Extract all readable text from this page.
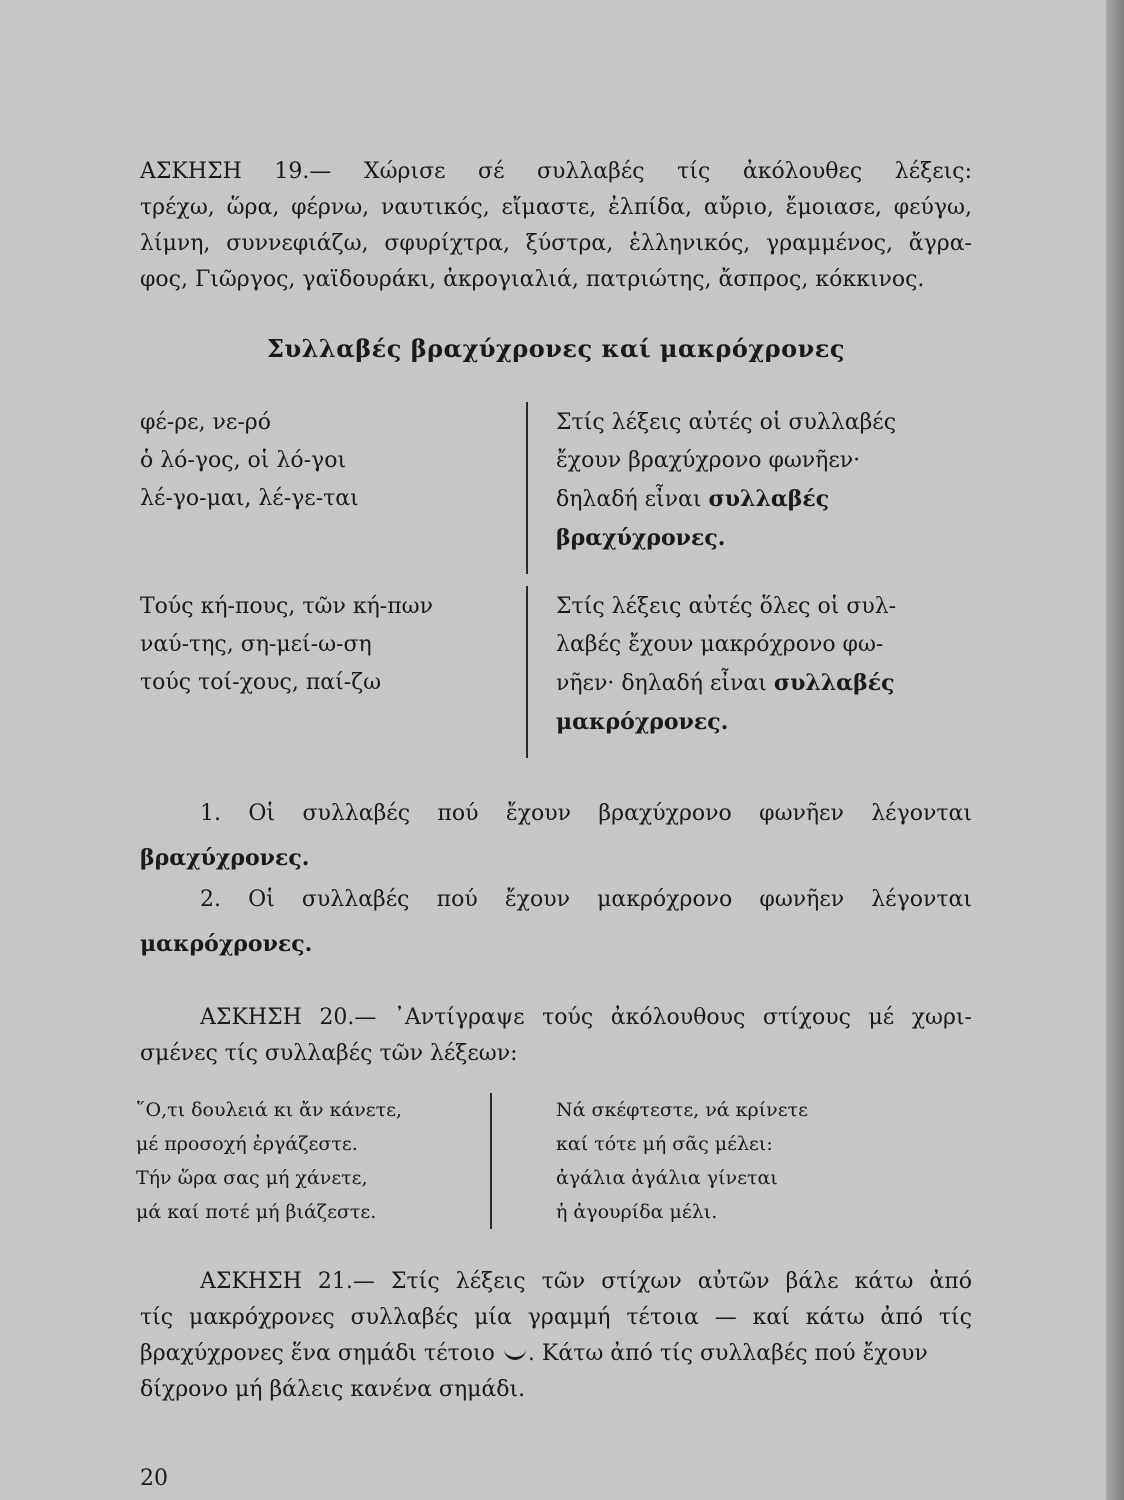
ΑΣΚΗΣΗ 19.— Χώρισε σέ συλλαβές τίς ἀκόλουθες λέξεις:
τρέχω, ὥρα, φέρνω, ναυτικός, εἴμαστε, ἐλπίδα, αὔριο, ἔμοιασε, φεύγω,
λίμνη, συννεφιάζω, σφυρίχτρα, ξύστρα, ἑλληνικός, γραμμένος, ἄγρα-
φος, Γιῶργος, γαϊδουράκι, ἀκρογιαλιά, πατριώτης, ἄσπρος, κόκκινος.
Συλλαβές βραχύχρονες καί μακρόχρονες
φέ-ρε, νε-ρό
ὁ λό-γος, οἱ λό-γοι
λέ-γο-μαι, λέ-γε-ται
Στίς λέξεις αὐτές οἱ συλλαβές
ἔχουν βραχύχρονο φωνῆεν·
δηλαδή εἶναι συλλαβές
βραχύχρονες.
Τούς κή-πους, τῶν κή-πων
ναύ-της, ση-μεί-ω-ση
τούς τοί-χους, παί-ζω
Στίς λέξεις αὐτές ὅλες οἱ συλ-
λαβές ἔχουν μακρόχρονο φω-
νῆεν· δηλαδή εἶναι συλλαβές
μακρόχρονες.
1. Οἱ συλλαβές πού ἔχουν βραχύχρονο φωνῆεν λέγονται
βραχύχρονες.
2. Οἱ συλλαβές πού ἔχουν μακρόχρονο φωνῆεν λέγονται
μακρόχρονες.
ΑΣΚΗΣΗ 20.— ᾿Αντίγραψε τούς ἀκόλουθους στίχους μέ χωρι-
σμένες τίς συλλαβές τῶν λέξεων:
῞Ο,τι δουλειά κι ἄν κάνετε,
μέ προσοχή ἐργάζεστε.
Τήν ὥρα σας μή χάνετε,
μά καί ποτέ μή βιάζεστε.
Νά σκέφτεστε, νά κρίνετε
καί τότε μή σᾶς μέλει:
ἀγάλια ἀγάλια γίνεται
ἡ ἀγουρίδα μέλι.
ΑΣΚΗΣΗ 21.— Στίς λέξεις τῶν στίχων αὐτῶν βάλε κάτω ἀπό
τίς μακρόχρονες συλλαβές μία γραμμή τέτοια — καί κάτω ἀπό τίς
βραχύχρονες ἕνα σημάδι τέτοιο . Κάτω ἀπό τίς συλλαβές πού ἔχουν
δίχρονο μή βάλεις κανένα σημάδι.
20
